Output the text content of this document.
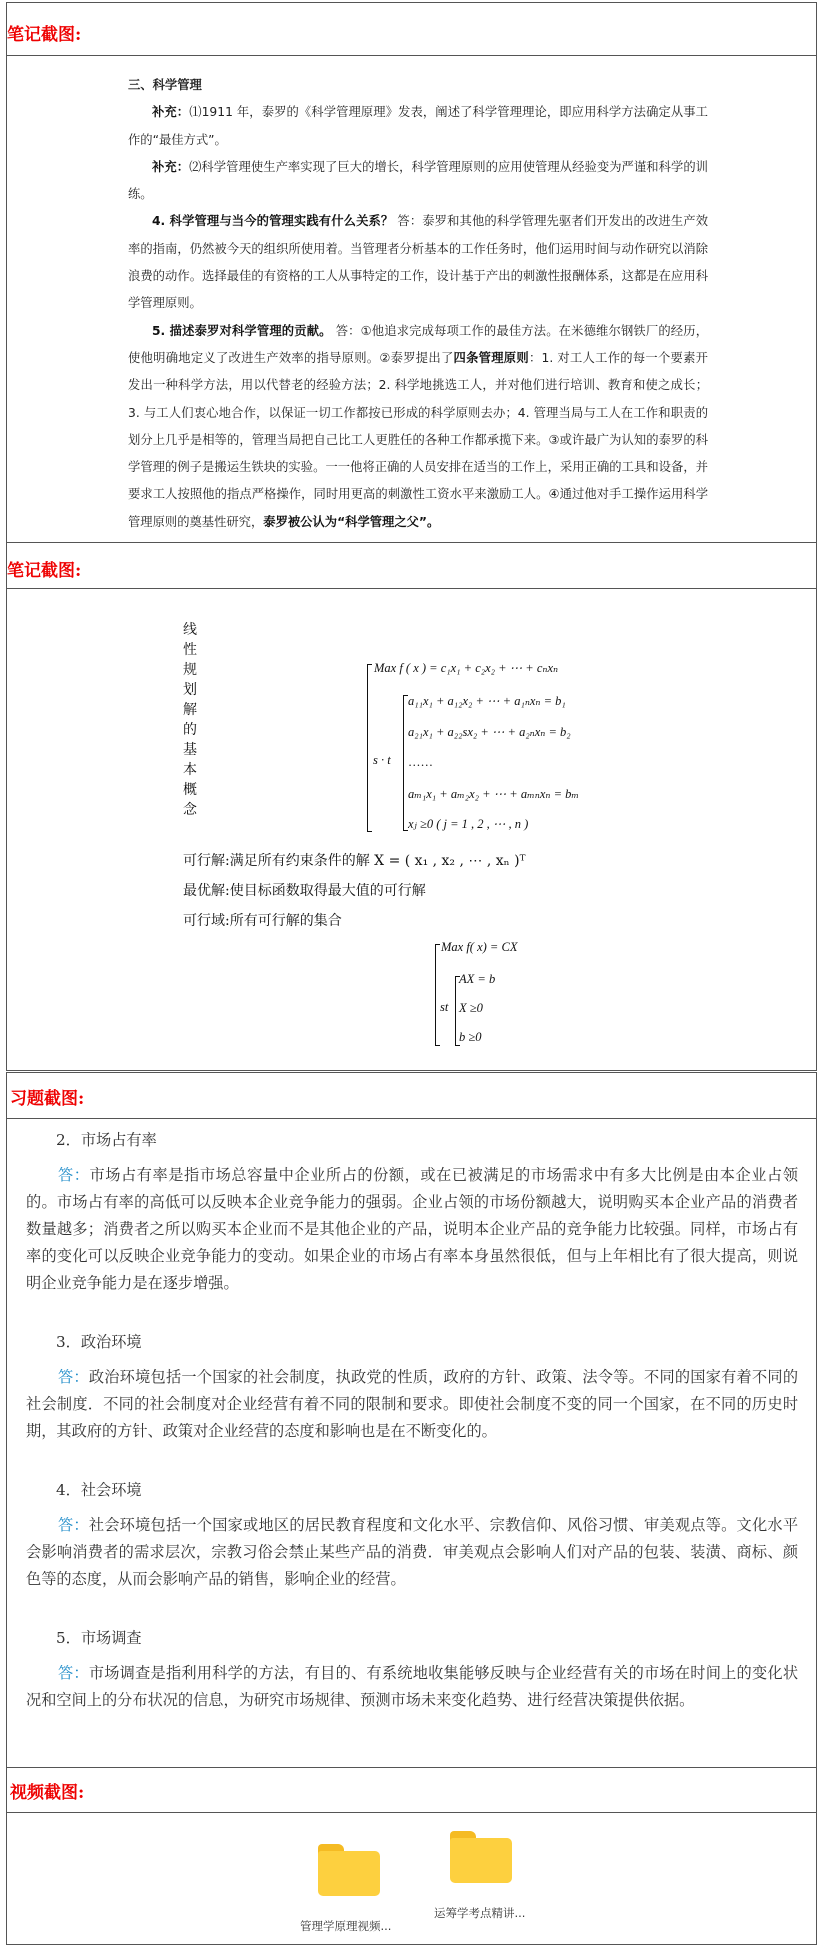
笔记截图:
笔记截图:
习题截图:
视频截图:

三、科学管理

补充：⑴1911 年，泰罗的《科学管理原理》发表，阐述了科学管理理论，即应用科学方法确定从事工作的“最佳方式”。

补充：⑵科学管理使生产率实现了巨大的增长，科学管理原则的应用使管理从经验变为严谨和科学的训练。

4. 科学管理与当今的管理实践有什么关系？ 答：泰罗和其他的科学管理先驱者们开发出的改进生产效率的指南，仍然被今天的组织所使用着。当管理者分析基本的工作任务时，他们运用时间与动作研究以消除浪费的动作。选择最佳的有资格的工人从事特定的工作，设计基于产出的刺激性报酬体系，这都是在应用科学管理原则。

5. 描述泰罗对科学管理的贡献。 答：①他追求完成每项工作的最佳方法。在米德维尔钢铁厂的经历，使他明确地定义了改进生产效率的指导原则。②泰罗提出了四条管理原则：1. 对工人工作的每一个要素开发出一种科学方法，用以代替老的经验方法；2. 科学地挑选工人，并对他们进行培训、教育和使之成长；3. 与工人们衷心地合作，以保证一切工作都按已形成的科学原则去办；4. 管理当局与工人在工作和职责的划分上几乎是相等的，管理当局把自己比工人更胜任的各种工作都承揽下来。③或许最广为认知的泰罗的科学管理的例子是搬运生铁块的实验。一一他将正确的人员安排在适当的工作上，采用正确的工具和设备，并要求工人按照他的指点严格操作，同时用更高的刺激性工资水平来激励工人。④通过他对手工操作运用科学管理原则的奠基性研究，泰罗被公认为“科学管理之父”。

线性规划解的基本概念
Max f ( x ) = c₁x₁ + c₂x₂ + ⋯ + cₙxₙ
a₁₁x₁ + a₁₂x₂ + ⋯ + a₁ₙxₙ = b₁
a₂₁x₁ + a₂₂sx₂ + ⋯ + a₂ₙxₙ = b₂
s · t ……
aₘ₁x₁ + aₘ₂x₂ + ⋯ + aₘₙxₙ = bₘ
xⱼ ≥0 ( j = 1 , 2 , ⋯ , n )
可行解:满足所有约束条件的解 X = ( x₁ , x₂ , ⋯ , xₙ )ᵀ
最优解:使目标函数取得最大值的可行解
可行域:所有可行解的集合
Max f( x) = CX
st
AX = b
X ≥0
b ≥0

2．市场占有率

答：市场占有率是指市场总容量中企业所占的份额，或在已被满足的市场需求中有多大比例是由本企业占领的。市场占有率的高低可以反映本企业竞争能力的强弱。企业占领的市场份额越大，说明购买本企业产品的消费者数量越多；消费者之所以购买本企业而不是其他企业的产品，说明本企业产品的竞争能力比较强。同样，市场占有率的变化可以反映企业竞争能力的变动。如果企业的市场占有率本身虽然很低，但与上年相比有了很大提高，则说明企业竞争能力是在逐步增强。

3．政治环境

答：政治环境包括一个国家的社会制度，执政党的性质，政府的方针、政策、法令等。不同的国家有着不同的社会制度．不同的社会制度对企业经营有着不同的限制和要求。即使社会制度不变的同一个国家，在不同的历史时期，其政府的方针、政策对企业经营的态度和影响也是在不断变化的。

4．社会环境

答：社会环境包括一个国家或地区的居民教育程度和文化水平、宗教信仰、风俗习惯、审美观点等。文化水平会影响消费者的需求层次，宗教习俗会禁止某些产品的消费．审美观点会影响人们对产品的包装、装潢、商标、颜色等的态度，从而会影响产品的销售，影响企业的经营。

5．市场调查

答：市场调查是指利用科学的方法，有目的、有系统地收集能够反映与企业经营有关的市场在时间上的变化状况和空间上的分布状况的信息，为研究市场规律、预测市场未来变化趋势、进行经营决策提供依据。

管理学原理视频...
运筹学考点精讲...
